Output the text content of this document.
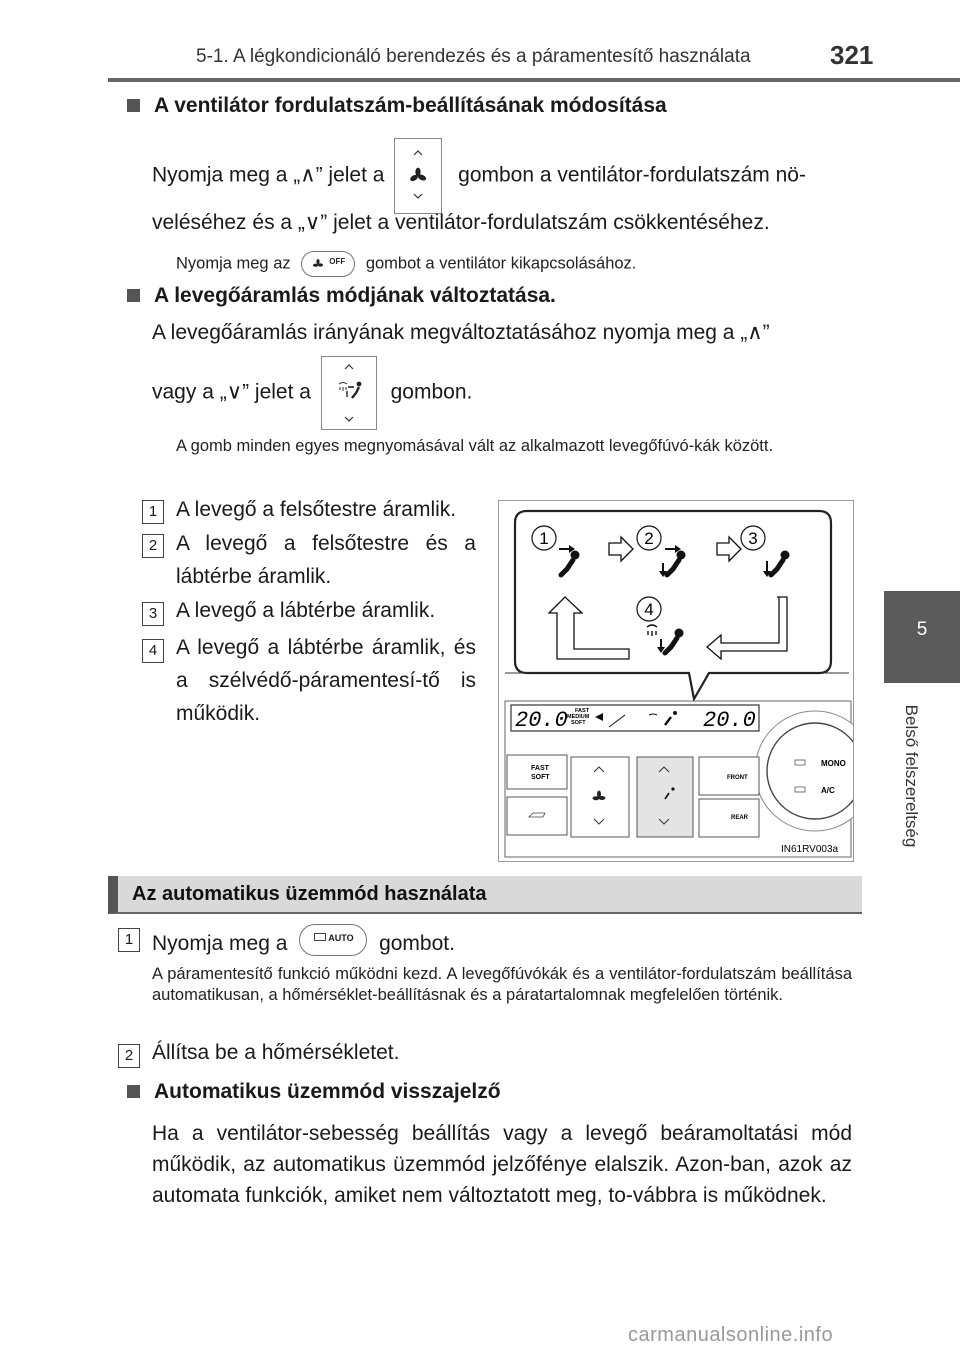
5-1. A légkondicionáló berendezés és a páramentesítő használata	321
5
Belső felszereltség
A ventilátor fordulatszám-beállításának módosítása
Nyomja meg a „∧” jelet a	gombon a ventilátor-fordulatszám nö-
veléséhez és a „∨” jelet a ventilátor-fordulatszám csökkentéséhez.
Nyomja meg az	OFF gombot a ventilátor kikapcsolásához.
A levegőáramlás módjának változtatása.
A levegőáramlás irányának megváltoztatásához nyomja meg a „∧”
vagy a „∨” jelet a	gombon.
A gomb minden egyes megnyomásával vált az alkalmazott levegőfúvó-kák között.
1 A levegő a felsőtestre áramlik.
2 A levegő a felsőtestre és a lábtérbe áramlik.
3 A levegő a lábtérbe áramlik.
4 A levegő a lábtérbe áramlik, és a szélvédő-páramentesí-tő is működik.
1	2	3
4
20.0 FAST
MEDIUM
SOFT	20.0
MONO
A/C
FAST
SOFT	FRONT
REAR
IN61RV003a
Az automatikus üzemmód használata
1 Nyomja meg a	AUTO gombot.
A páramentesítő funkció működni kezd. A levegőfúvókák és a ventilátor-fordulatszám beállítása automatikusan, a hőmérséklet-beállításnak és a páratartalomnak megfelelően történik.
2 Állítsa be a hőmérsékletet.
Automatikus üzemmód visszajelző
Ha a ventilátor-sebesség beállítás vagy a levegő beáramoltatási mód működik, az automatikus üzemmód jelzőfénye elalszik. Azon-ban, azok az automata funkciók, amiket nem változtatott meg, to-vábbra is működnek.
carmanualsonline.info
